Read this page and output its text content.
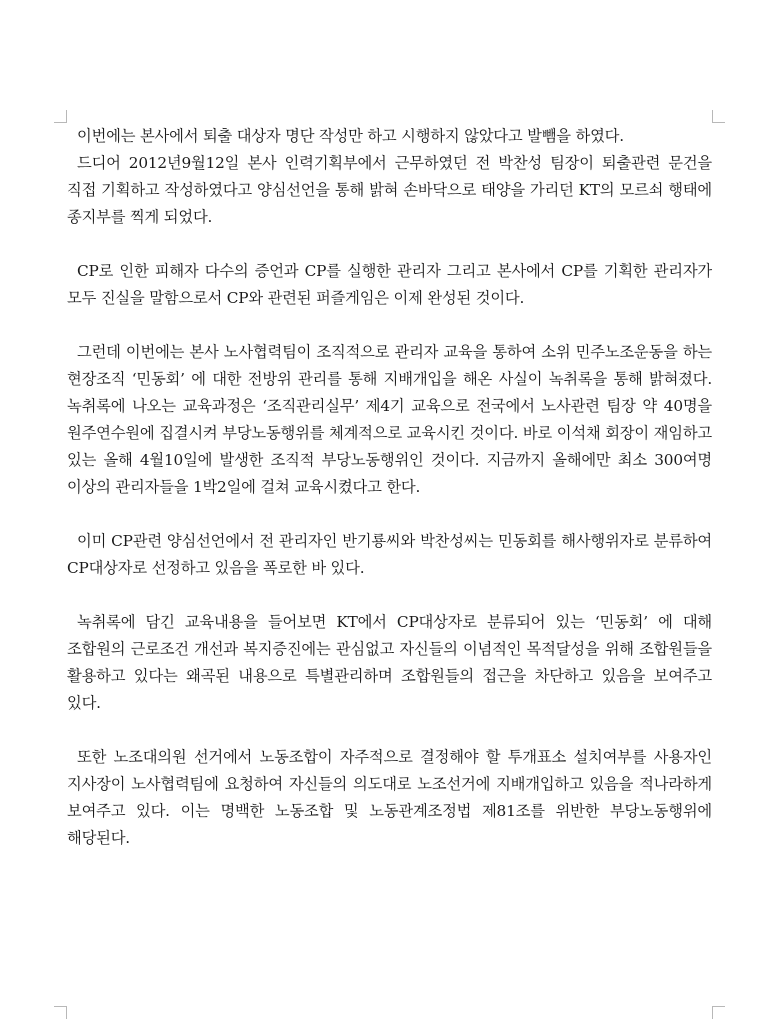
이번에는 본사에서 퇴출 대상자 명단 작성만 하고 시행하지 않았다고 발뺌을 하였다.

드디어 2012년9월12일 본사 인력기획부에서 근무하였던 전 박찬성 팀장이 퇴출관련 문건을 직접 기획하고 작성하였다고 양심선언을 통해 밝혀 손바닥으로 태양을 가리던 KT의 모르쇠 행태에 종지부를 찍게 되었다.

CP로 인한 피해자 다수의 증언과 CP를 실행한 관리자 그리고 본사에서 CP를 기획한 관리자가 모두 진실을 말함으로서 CP와 관련된 퍼즐게임은 이제 완성된 것이다.

그런데 이번에는 본사 노사협력팀이 조직적으로 관리자 교육을 통하여 소위 민주노조운동을 하는 현장조직 ‘민동회’ 에 대한 전방위 관리를 통해 지배개입을 해온 사실이 녹취록을 통해 밝혀졌다. 녹취록에 나오는 교육과정은 ‘조직관리실무’ 제4기 교육으로 전국에서 노사관련 팀장 약 40명을 원주연수원에 집결시켜 부당노동행위를 체계적으로 교육시킨 것이다. 바로 이석채 회장이 재임하고 있는 올해 4월10일에 발생한 조직적 부당노동행위인 것이다. 지금까지 올해에만 최소 300여명 이상의 관리자들을 1박2일에 걸쳐 교육시켰다고 한다.

이미 CP관련 양심선언에서 전 관리자인 반기룡씨와 박찬성씨는 민동회를 해사행위자로 분류하여 CP대상자로 선정하고 있음을 폭로한 바 있다.

녹취록에 담긴 교육내용을 들어보면 KT에서 CP대상자로 분류되어 있는 ‘민동회’ 에 대해 조합원의 근로조건 개선과 복지증진에는 관심없고 자신들의 이념적인 목적달성을 위해 조합원들을 활용하고 있다는 왜곡된 내용으로 특별관리하며 조합원들의 접근을 차단하고 있음을 보여주고 있다.

또한 노조대의원 선거에서 노동조합이 자주적으로 결정해야 할 투개표소 설치여부를 사용자인 지사장이 노사협력팀에 요청하여 자신들의 의도대로 노조선거에 지배개입하고 있음을 적나라하게 보여주고 있다. 이는 명백한 노동조합 및 노동관계조정법 제81조를 위반한 부당노동행위에 해당된다.
